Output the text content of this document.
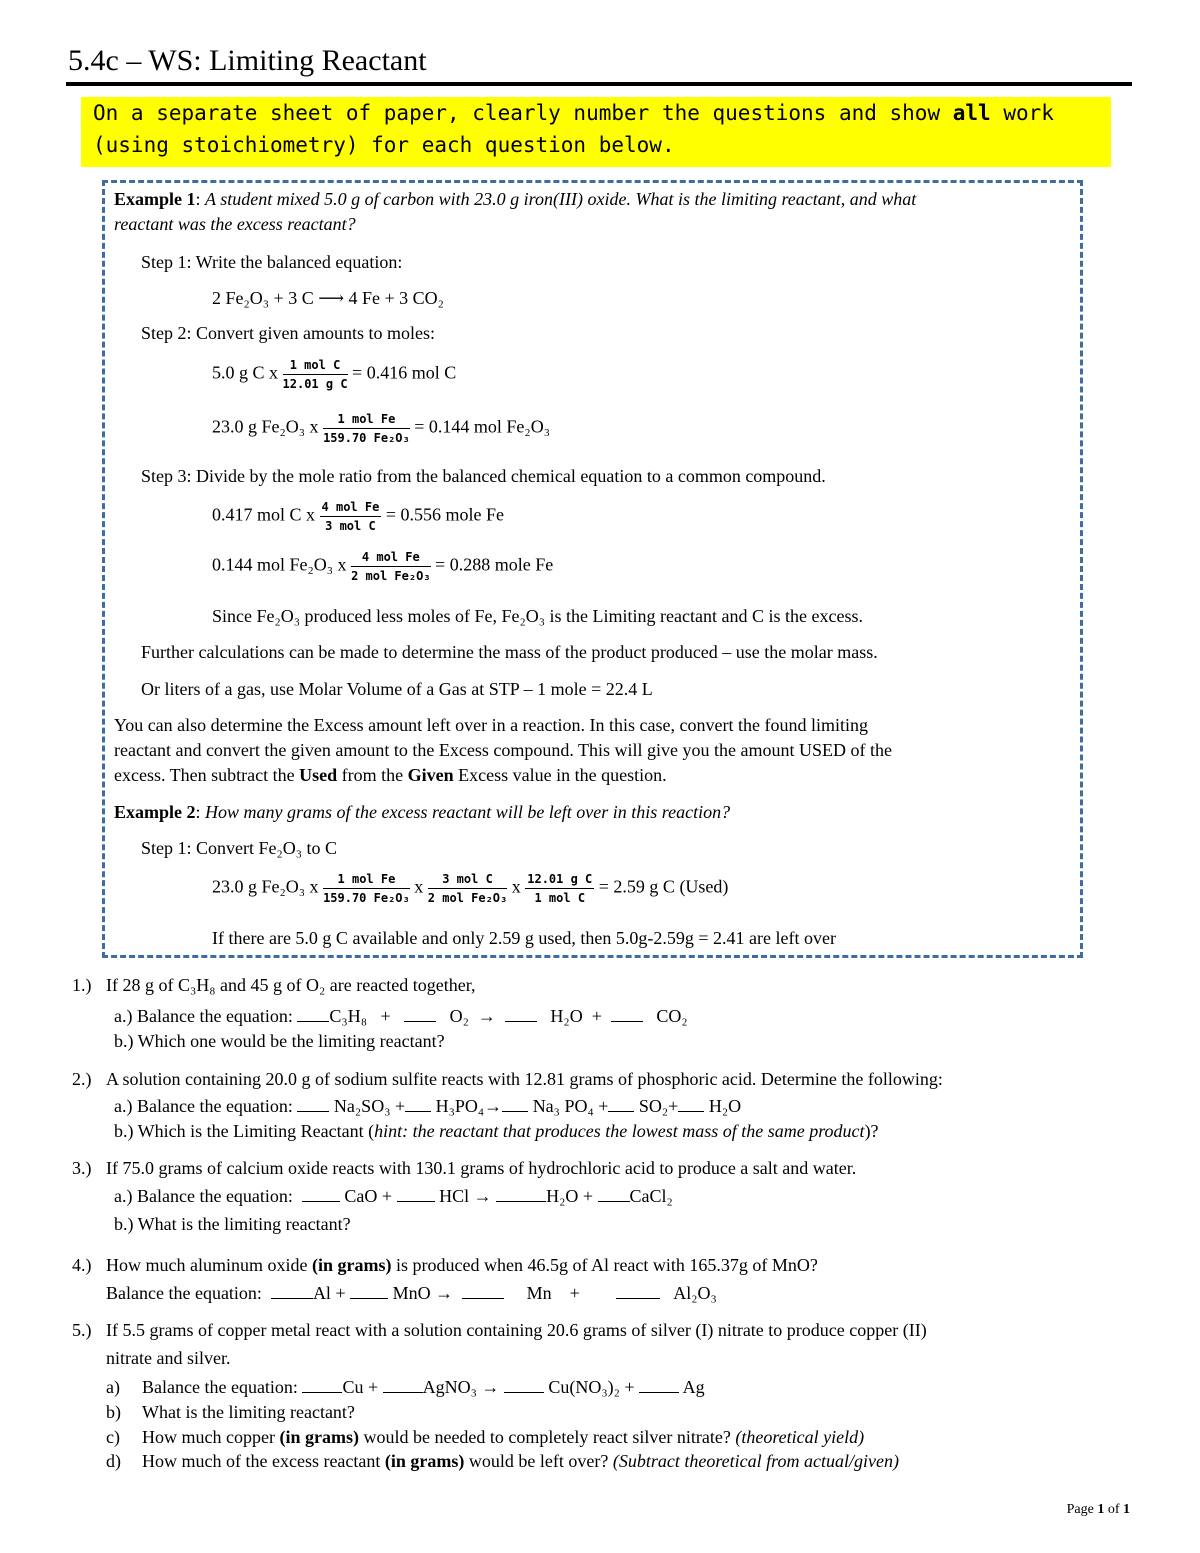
5.4c – WS: Limiting Reactant
On a separate sheet of paper, clearly number the questions and show all work (using stoichiometry) for each question below.
Example 1: A student mixed 5.0 g of carbon with 23.0 g iron(III) oxide. What is the limiting reactant, and what
reactant was the excess reactant?
Step 1: Write the balanced equation:
2 Fe₂O₃ + 3 C ⟶ 4 Fe + 3 CO₂
Step 2: Convert given amounts to moles:
5.0 g C x $\frac{\text{1 mol C}}{\text{12.01 g C}} = 0.416$ mol C
23.0 g Fe₂O₃ x $\frac{\text{1 mol Fe}}{\text{159.70 Fe₂O₃}} = 0.144$ mol Fe₂O₃
Step 3: Divide by the mole ratio from the balanced chemical equation to a common compound.
0.417 mol C x $\frac{\text{4 mol Fe}}{\text{3 mol C}} = 0.556$ mole Fe
0.144 mol Fe₂O₃ x $\frac{\text{4 mol Fe}}{\text{2 mol Fe₂O₃}} = 0.288$ mole Fe
Since Fe₂O₃ produced less moles of Fe, Fe₂O₃ is the Limiting reactant and C is the excess.
Further calculations can be made to determine the mass of the product produced – use the molar mass.
Or liters of a gas, use Molar Volume of a Gas at STP – 1 mole = 22.4 L
You can also determine the Excess amount left over in a reaction. In this case, convert the found limiting
reactant and convert the given amount to the Excess compound. This will give you the amount USED of the
excess. Then subtract the Used from the Given Excess value in the question.
Example 2: How many grams of the excess reactant will be left over in this reaction?
Step 1: Convert Fe₂O₃ to C
23.0 g Fe₂O₃ x $\frac{\text{1 mol Fe}}{\text{159.70 Fe₂O₃}}$ x $\frac{\text{3 mol C}}{\text{2 mol Fe₂O₃}}$ x $\frac{\text{12.01 g C}}{\text{1 mol C}} = 2.59$ g C (Used)
If there are 5.0 g C available and only 2.59 g used, then 5.0g-2.59g = 2.41 are left over
1.) If 28 g of C₃H₈ and 45 g of O₂ are reacted together,
a.) Balance the equation: C₃H₈ +	O₂ →	H₂O +	CO₂
b.) Which one would be the limiting reactant?
2.) A solution containing 20.0 g of sodium sulfite reacts with 12.81 grams of phosphoric acid. Determine the following:
a.) Balance the equation: Na₂SO₃ + H₃PO₄→ Na₃ PO₄ + SO₂+ H₂O
b.) Which is the Limiting Reactant (hint: the reactant that produces the lowest mass of the same product)?
3.) If 75.0 grams of calcium oxide reacts with 130.1 grams of hydrochloric acid to produce a salt and water.
a.) Balance the equation:	CaO +	HCl →	H₂O + CaCl₂
b.) What is the limiting reactant?
4.) How much aluminum oxide (in grams) is produced when 46.5g of Al react with 165.37g of MnO?
Balance the equation:	Al +	MnO →	Mn +	Al₂O₃
5.) If 5.5 grams of copper metal react with a solution containing 20.6 grams of silver (I) nitrate to produce copper (II)
nitrate and silver.
a) Balance the equation: Cu + AgNO₃ →	Cu(NO₃)₂ +	Ag
b) What is the limiting reactant?
c) How much copper (in grams) would be needed to completely react silver nitrate? (theoretical yield)
d) How much of the excess reactant (in grams) would be left over? (Subtract theoretical from actual/given)
Page 1 of 1
